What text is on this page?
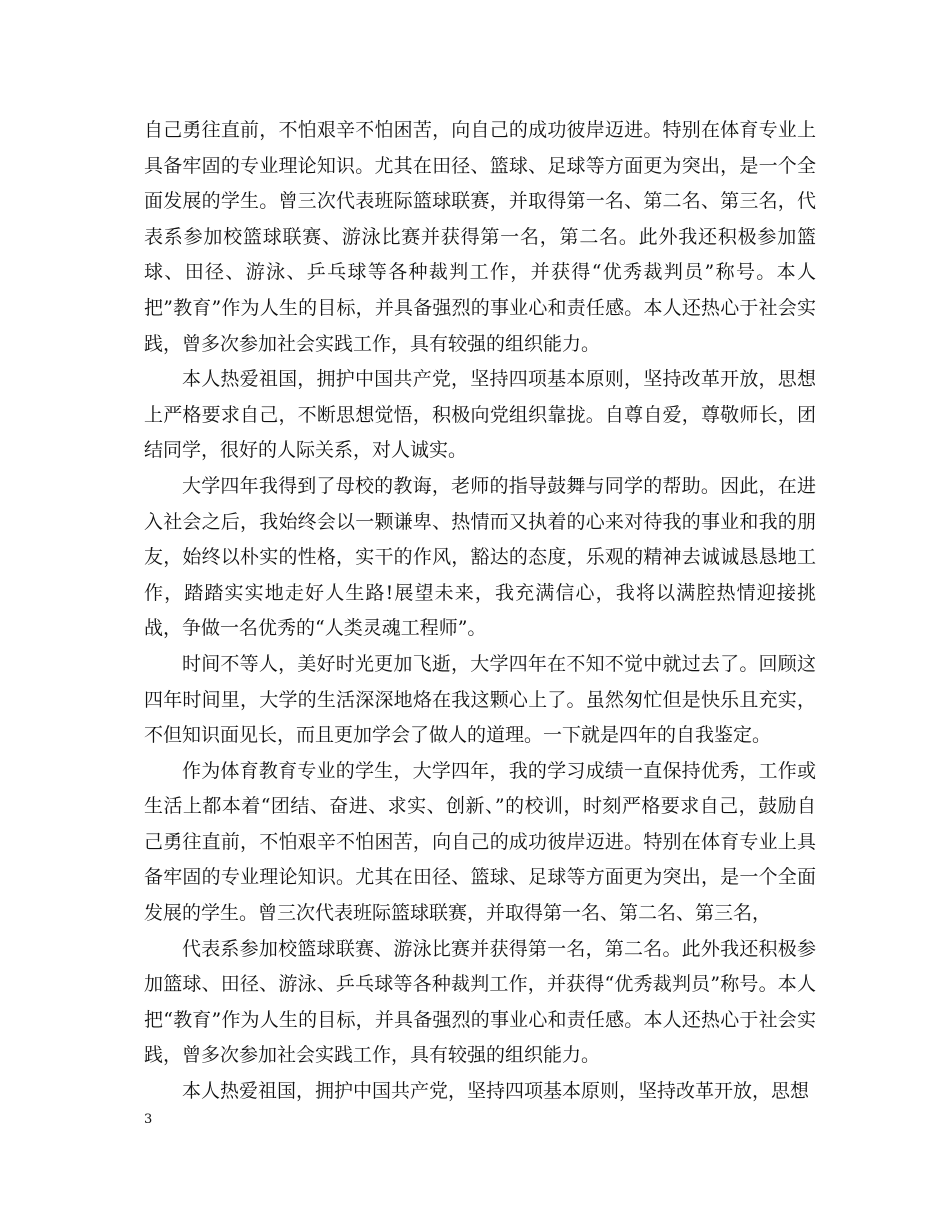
自己勇往直前，不怕艰辛不怕困苦，向自己的成功彼岸迈进。特别在体育专业上具备牢固的专业理论知识。尤其在田径、篮球、足球等方面更为突出，是一个全面发展的学生。曾三次代表班际篮球联赛，并取得第一名、第二名、第三名，代表系参加校篮球联赛、游泳比赛并获得第一名，第二名。此外我还积极参加篮球、田径、游泳、乒乓球等各种裁判工作，并获得“优秀裁判员”称号。本人把”教育”作为人生的目标，并具备强烈的事业心和责任感。本人还热心于社会实践，曾多次参加社会实践工作，具有较强的组织能力。

本人热爱祖国，拥护中国共产党，坚持四项基本原则，坚持改革开放，思想上严格要求自己，不断思想觉悟，积极向党组织靠拢。自尊自爱，尊敬师长，团结同学，很好的人际关系，对人诚实。

大学四年我得到了母校的教诲，老师的指导鼓舞与同学的帮助。因此，在进入社会之后，我始终会以一颗谦卑、热情而又执着的心来对待我的事业和我的朋友，始终以朴实的性格，实干的作风，豁达的态度，乐观的精神去诚诚恳恳地工作，踏踏实实地走好人生路!展望未来，我充满信心，我将以满腔热情迎接挑战，争做一名优秀的“人类灵魂工程师”。

时间不等人，美好时光更加飞逝，大学四年在不知不觉中就过去了。回顾这四年时间里，大学的生活深深地烙在我这颗心上了。虽然匆忙但是快乐且充实，不但知识面见长，而且更加学会了做人的道理。一下就是四年的自我鉴定。

作为体育教育专业的学生，大学四年，我的学习成绩一直保持优秀，工作或生活上都本着“团结、奋进、求实、创新、”的校训，时刻严格要求自己，鼓励自己勇往直前，不怕艰辛不怕困苦，向自己的成功彼岸迈进。特别在体育专业上具备牢固的专业理论知识。尤其在田径、篮球、足球等方面更为突出，是一个全面发展的学生。曾三次代表班际篮球联赛，并取得第一名、第二名、第三名，

代表系参加校篮球联赛、游泳比赛并获得第一名，第二名。此外我还积极参加篮球、田径、游泳、乒乓球等各种裁判工作，并获得“优秀裁判员”称号。本人把“教育”作为人生的目标，并具备强烈的事业心和责任感。本人还热心于社会实践，曾多次参加社会实践工作，具有较强的组织能力。

本人热爱祖国，拥护中国共产党，坚持四项基本原则，坚持改革开放，思想

3
